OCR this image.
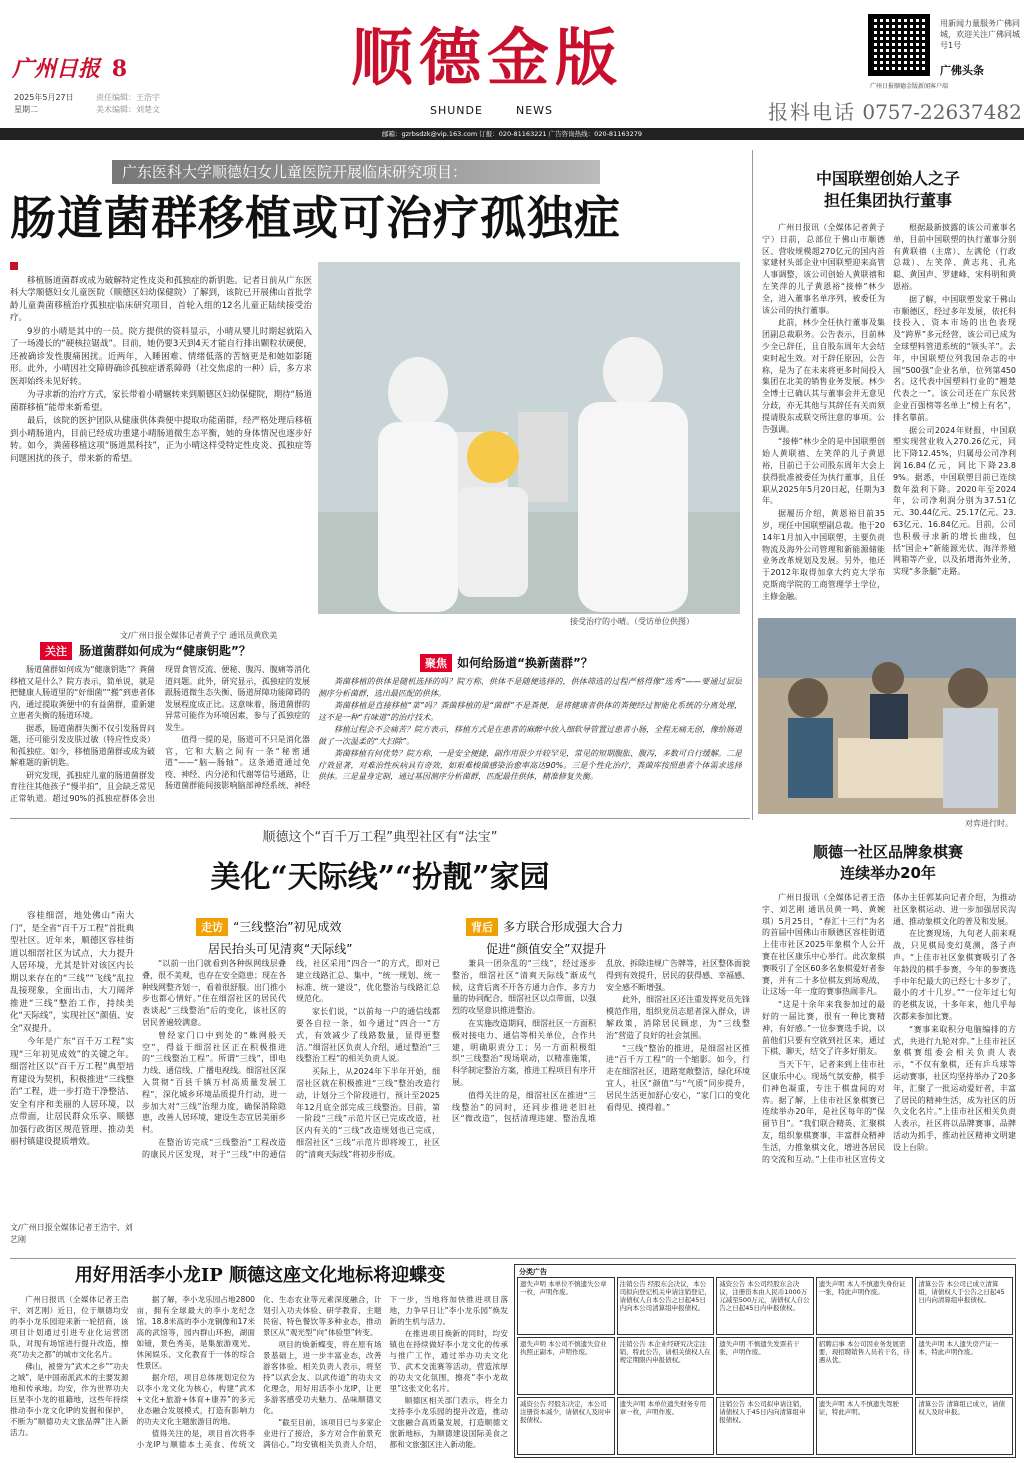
广州日报 8
2025年5月27日
星期二
责任编辑：王浩宇
美术编辑：刘楚文
顺德金版
SHUNDE	NEWS
用新闻力量服务广佛同城，欢迎关注广佛同城号1号
广佛头条
广州日报顺德金版新闻客户端
报料电话 0757-22637482
邮箱：gzrbsdzk@vip.163.com 订报：020-81163221 广告咨询热线：020-81163279
广东医科大学顺德妇女儿童医院开展临床研究项目：
肠道菌群移植或可治疗孤独症

移植肠道菌群或成为破解特定性皮炎和孤独症的新钥匙。记者日前从广东医科大学顺德妇女儿童医院（顺德区妇幼保健院）了解到，该院已开展佛山首批学龄儿童粪菌移植治疗孤独症临床研究项目，首轮入组的12名儿童正陆续接受治疗。

9岁的小晴是其中的一员。院方提供的资料显示，小晴从婴儿时期起就陷入了一场漫长的“硬核拉锯战”。目前，她仍要3天到4天才能自行排出颗粒状硬便，还被确诊发性腹痛困扰。近两年，入睡困难、情绪低落的苦恼更是和她如影随形。此外，小晴因社交障碍确诊孤独症谱系障碍（社交焦虑的一种）后，多方求医却始终未见好转。

为寻求新的治疗方式，家长带着小晴辗转来到顺德区妇幼保健院，期待“肠道菌群移植”能带来新希望。

最后，该院的医护团队从健康供体粪便中提取功能菌群，经严格处理后移植到小晴肠道内，目前已经成功重建小晴肠道微生态平衡，她的身体情况也逐步好转。如今，粪菌移植这项“肠道黑科技”，正为小晴这样受特定性皮炎、孤独症等问题困扰的孩子，带来新的希望。

文/广州日报全媒体记者黄子宁 通讯员黄欣美
接受治疗的小晴。（受访单位供图）
关注 肠道菌群如何成为“健康钥匙”？

肠道菌群如何成为“健康钥匙”？粪菌移植又是什么？院方表示，简单说，就是把健康人肠道里的“好细菌”“搬”到患者体内，通过提取粪便中的有益菌群，重新建立患者失衡的肠道环境。

据悉，肠道菌群失衡不仅引发肠胃问题，还可能引发皮肤过敏（特应性皮炎）和孤独症。如今，移植肠道菌群或成为破解难题的新钥匙。

研究发现，孤独症儿童的肠道菌群发育往往其他孩子“慢半拍”，且会缺乏常见正常轨道。超过90%的孤独症群体会出现胃食管反流、便秘、腹泻、腹痛等消化道问题。此外，研究显示，孤独症的发展跟肠道微生态失衡、肠道屏障功能障碍的发展程度成正比。这意味着，肠道菌群的异常可能作为环境因素，参与了孤独症的发生。

值得一提的是，肠道可不只是消化器官，它和大脑之间有一条“秘密通道”——“脑—肠轴”。这条通道通过免疫、神经、内分泌和代谢等信号通路，让肠道菌群能间接影响脑部神经系统、神经

聚焦 如何给肠道“换新菌群”？

粪菌移植的供体是随机选择的吗？院方称，供体不是随便选择的，供体筛选的过程严格得像“选秀”——要通过层层测序分析菌群，选出最匹配的供体。

粪菌移植是直接移植“菜”吗？粪菌移植的是“菌群”不是粪便，是将健康者供体的粪便经过智能化系统的分离处理，这不是一种“有味道”的治疗技术。

移植过程会不会痛苦？院方表示，移植方式是在患者的麻醉中放入细软导管置过患者小肠，全程无痛无创，像给肠道做了一次温柔的“大扫除”。

粪菌移植有何优势？院方称，一是安全便捷，副作用很少并较罕见，常见的短期腹胀、腹泻，多数可自行缓解。二是疗效显著，对难治性疾病具有奇效，如艰难梭菌感染治愈率高达90%。三是个性化治疗，粪菌库按照患者个体需求选择供体。三是量身定制，通过基因测序分析菌群，匹配最佳供体，精准修复失衡。

中国联塑创始人之子
担任集团执行董事

广州日报讯（全媒体记者黄子宁）日前，总部位于佛山市顺德区、营收规模超270亿元的国内首家建材头部企业中国联塑迎来高管人事调整，该公司创始人黄联禧和左笑萍的儿子黄恩裕“接棒”林少全，进入董事名单序列，被委任为该公司的执行董事。

此前，林少全任执行董事及集团副总裁职务。公告表示，目前林少全已辞任，且自股东周年大会结束时起生效。对于辞任原因，公告称，是为了在未来将更多时间投入集团在北美的销售业务发展。林少全博士已确认其与董事会并无意见分歧，亦无其他与其辞任有关而须提请股东或联交所注意的事项。公告强调。

“接棒”林少全的是中国联塑创始人黄联禧、左笑萍的儿子黄恩裕，目前已于公司股东周年大会上获得批准被委任为执行董事，且任职从2025年5月20日起，任期为3年。

据履历介绍，黄恩裕目前35岁，现任中国联塑副总裁。他于2014年1月加入中国联塑，主要负责物流及海外公司管理和新能源储能业务改革规划及发展。另外，他还于2012年取得加拿大约克大学布克斯商学院的工商管理学士学位，主修金融。

根据最新披露的该公司董事名单，目前中国联塑的执行董事分别有黄联禧（主席）、左满伦（行政总裁）、左笑萍、黄志兆、孔兆聪、黄国声、罗建峰、宋科明和黄恩裕。

据了解，中国联塑发家于佛山市顺德区，经过多年发展，依托科技投入、资本市场的出色表现及“跨界”多元经营，该公司已成为全球塑料管道系统的“领头羊”。去年，中国联塑位列我国杂志的中国“500强”企业名单，位列第450名。这代表中国塑料行业的“翘楚代表之一”。该公司还在广东民营企业百强榜等名单上“榜上有名”，排名靠前。

据公司2024年财报，中国联塑实现营业收入270.26亿元，同比下降12.45%，归属母公司净利润16.84亿元，同比下降23.89%。据悉，中国联塑目前已连续数年盈利下降。2020年至2024年，公司净利润分别为37.51亿元、30.44亿元、25.17亿元、23.63亿元、16.84亿元。目前，公司也积极寻求新的增长曲线，包括“国企+”新能源光伏、海洋养殖网箱等产业，以及拓增海外业务，实现“多条腿”走路。

对弈进行时。
顺德一社区品牌象棋赛
连续举办20年

广州日报讯（全媒体记者王浩宇、刘艺刚 通讯员黄一鸣、黄婉琪）5月25日，“春汇十三行”为名的首届中国佛山市顺德区容桂街道上佳市社区2025年象棋个人公开赛在社区康乐中心举行。此次象棋赛吸引了全区60多名象棋爱好者参赛，并有二十多位棋友到场观战，让这场一年一度的赛事热闹非凡。

“这是十余年来我参加过的最好的一届比赛，很有一种比赛精神，有好感。”一位参赛选手说，以前他们只要有空就到社区来，通过下棋、聊天，结交了许多好朋友。

当天下午，记者来到上佳市社区康乐中心。现场气氛安静，棋手们神色凝重，专注于棋盘间的对弈。据了解，上佳市社区象棋赛已连续举办20年，是社区每年的“保留节目”。“我们联合精英、汇聚棋友，组织象棋赛事，丰富群众精神生活，力推象棋文化，增进各居民的交流和互动。”上佳市社区宣传文体办主任郭某向记者介绍，为推动社区象棋运动、进一步加强居民沟通、推动象棋文化的普及和发展。

在比赛现场，九旬老人前来观战，只见棋局变幻莫测，落子声声。“上佳市社区象棋赛吸引了各年龄段的棋手参赛，今年的参赛选手中年纪最大的已经七十多岁了，最小的才十几岁。”“一位年过七旬的老棋友说，十多年来，他几乎每次都来参加比赛。

“赛事来取积分电脑编排的方式，共进行九轮对弈。”上佳市社区象棋赛组委会相关负责人表示，“不仅有象棋，还有乒乓球等运动赛事，社区均坚持举办了20多年，汇聚了一批运动爱好者，丰富了居民的精神生活，成为社区的历久文化名片。”上佳市社区相关负责人表示，社区将以品牌赛事、品牌活动为抓手，推动社区精神文明建设上台阶。

顺德这个“百千万工程”典型社区有“法宝”
美化“天际线”“扮靓”家园

容桂细滘，地处佛山“南大门”，是全省“百千万工程”首批典型社区。近年来，顺德区容桂街道以细滘社区为试点，大力提升人居环境，尤其是针对该区内长期以来存在的“三线”“飞线”乱拉乱接现象，全面出击，大刀阔斧推进“三线”整治工作，持续美化“天际线”，实现社区“颜值、安全”双提升。

今年是广东“百千万工程”实现“三年初见成效”的关键之年。细滘社区以“百千万工程”典型培育建设为契机，积极推进“三线整治”工程，进一步打造干净整洁、安全有序和美丽的人居环境，以点带面，让居民群众乐享、顺德加强行政街区规范管理、推动美丽村镇建设提质增效。

文/广州日报全媒体记者王浩宇、刘艺刚
走访 “三线整治”初见成效
居民抬头可见清爽“天际线”
背后 多方联合形成强大合力
促进“颜值安全”双提升

“以前一出门就看到各种纵网线层叠叠，很不美观，也存在安全隐患；现在各种线网整齐划一，看着很舒服。出门推小步也都心情好。”住在细滘社区的居民代表谈起“三线整治”后的变化，该社区的居民普遍较满意。

曾经家门口中到处的“蛛网般天空”，得益于细滘社区正在积极推进的“三线整治工程”。所谓“三线”，即电力线、通信线、广播电视线。细滘社区深入贯彻“百县千镇万村高质量发展工程”，深化城乡环境品质提升行动，进一步加大对“三线”治理力度，确保消除隐患，改善人居环境，建设生态宜居美丽乡村。

在整治访完成“三线整治”工程改造的康民片区发现，对于“三线”中的通信线，社区采用“四合一”的方式，即对已建立线路汇总、集中，“统一规划、统一标准、统一建设”，优化整治与线路汇总规范化。

家长们说，“以前每一户的通信线都要各自拉一条，如今通过“四合一”方式，有效减少了线路数量，显得更整洁。”细滘社区负责人介绍，通过整治“三线整治工程”的相关负责人说。

买际上，从2024年下半年开始，细滘社区就在积极推进“三线”整治改造行动，计划分三个阶段进行，预计至2025年12月底全部完成三线整治。目前，第一阶段“三线”示范片区已完成改造，社区内有关的“三线”改造规划也已完成，细滘社区“三线”示范片即将竣工，社区的“清爽天际线”将初步形成。

兼具一团杂乱的“三线”，经过逐步整治，细滘社区“清爽天际线”渐成气候，这背后离不开各方通力合作、多方力量的协同配合、细滘社区以点带面，以强烈的攻坚意识推进整治。

在实施改造期间，细滘社区一方面积极对接电力、通信等相关单位，合作共建，明确职责分工；另一方面积极组织“三线整治”现场联动，以精准施策，科学制定整治方案，推进工程项目有序开展。

值得关注的是，细滘社区在推进“三线整治”的同时，还同步推进老旧社区“微改造”，包括清理违建、整治乱堆乱放、拆除违规广告牌等，社区整体面貌得到有效提升，居民的获得感、幸福感、安全感不断增强。

此外，细滘社区还注重发挥党员先锋模范作用，组织党员志愿者深入群众，讲解政策，消除居民顾虑，为“三线整治”营造了良好的社会氛围。

“三线”整治的推进，是细滘社区推进“百千万工程”的一个缩影。如今，行走在细滘社区，道路宽敞整洁，绿化环境宜人，社区“颜值”与“气质”同步提升，居民生活更加舒心安心，“家门口的变化看得见、摸得着。”

用好用活李小龙IP 顺德这座文化地标将迎蝶变

广州日报讯（全媒体记者王浩宇、刘艺刚）近日，位于顺德均安的李小龙乐园迎来新一轮招商，该项目计划通过引进专业化运营团队，对现有场馆进行提升改造，擦亮“功夫之都”的城市文化名片。

佛山，被誉为“武术之乡”“功夫之城”，是中国南派武术的主要发源地和传承地。均安，作为世界功夫巨星李小龙的祖籍地，这些年持续推动李小龙文化IP的发掘和保护，不断为“顺德功夫文旅品牌”注入新活力。

据了解，李小龙乐园占地2800亩，拥有全球最大的李小龙纪念馆、18.8米高的李小龙铜像和17米高的武馆等，园内群山环抱，湖面如镜，景色秀美，是集旅游观光、休闲娱乐、文化教育于一体的综合性景区。

据介绍，项目总体规划定位为以李小龙文化为核心，构建“武术+文化+旅游+体育+康养”的多元业态融合发展模式，打造有影响力的功夫文化主题旅游目的地。

值得关注的是，项目首次将李小龙IP与顺德本土美食、传统文化、生态农业等元素深度融合，计划引入功夫体验、研学教育、主题民宿、特色餐饮等多种业态，推动景区从“观光型”向“体验型”转变。

项目的焕新蝶变，将在原有场景基础上，进一步丰富业态，改善游客体验。相关负责人表示，将坚持“以武会友、以武传道”的功夫文化理念，用好用活李小龙IP，让更多游客感受功夫魅力、品味顺德文化。

“截至目前，该项目已与多家企业进行了接洽，多方对合作前景充满信心。”均安镇相关负责人介绍，下一步，当地将加快推进项目落地，力争早日让“李小龙乐园”焕发新的生机与活力。

在推进项目焕新的同时，均安镇也在持续做好李小龙文化的传承与推广工作，通过举办功夫文化节、武术交流赛等活动，营造浓厚的功夫文化氛围，擦亮“李小龙故里”这张文化名片。

顺德区相关部门表示，将全力支持李小龙乐园的提升改造，推动文旅融合高质量发展，打造顺德文旅新地标，为顺德建设国际美食之都和文旅强区注入新动能。

分类广告
遗失声明 本单位不慎遗失公章一枚，声明作废。
注销公告 经股东会决议，本公司拟向登记机关申请注销登记，请债权人自本公告之日起45日内向本公司清算组申报债权。
减资公告 本公司经股东会决议，注册资本由人民币1000万元减至500万元，请债权人自公告之日起45日内申报债权。
遗失声明 本人不慎遗失身份证一张，特此声明作废。
清算公告 本公司已成立清算组，请债权人于公告之日起45日内向清算组申报债权。
遗失声明 本公司不慎遗失营业执照正副本，声明作废。
注销公告 本企业经研究决定注销，特此公告，请相关债权人在规定期限内申报债权。
遗失声明 不慎遗失发票若干张，声明作废。
招聘启事 本公司因业务发展需要，现招聘销售人员若干名，待遇从优。
遗失声明 本人遗失房产证一本，特此声明作废。
减资公告 经股东决定，本公司注册资本减少，请债权人及时申报债权。
遗失声明 本单位遗失财务专用章一枚，声明作废。
注销公告 本公司拟申请注销，请债权人于45日内向清算组申报债权。
遗失声明 本人不慎遗失驾驶证，特此声明。
清算公告 清算组已成立，请债权人及时申报。
